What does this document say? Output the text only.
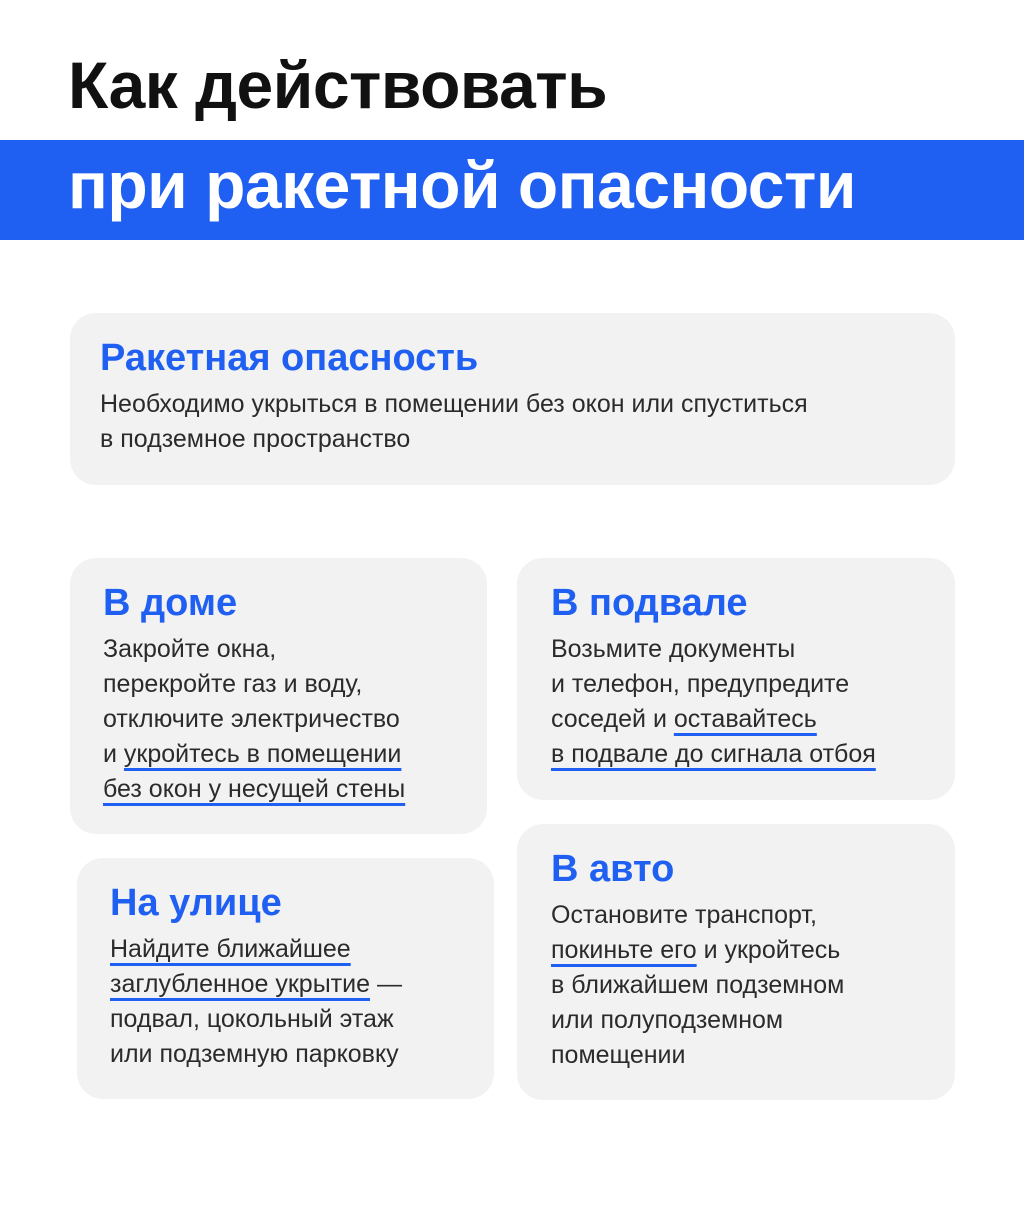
Как действовать
при ракетной опасности
Ракетная опасность
Необходимо укрыться в помещении без окон или спуститься
в подземное пространство
В доме
Закройте окна,
перекройте газ и воду,
отключите электричество
и укройтесь в помещении
без окон у несущей стены
В подвале
Возьмите документы
и телефон, предупредите
соседей и оставайтесь
в подвале до сигнала отбоя
На улице
Найдите ближайшее
заглубленное укрытие —
подвал, цокольный этаж
или подземную парковку
В авто
Остановите транспорт,
покиньте его и укройтесь
в ближайшем подземном
или полуподземном
помещении
